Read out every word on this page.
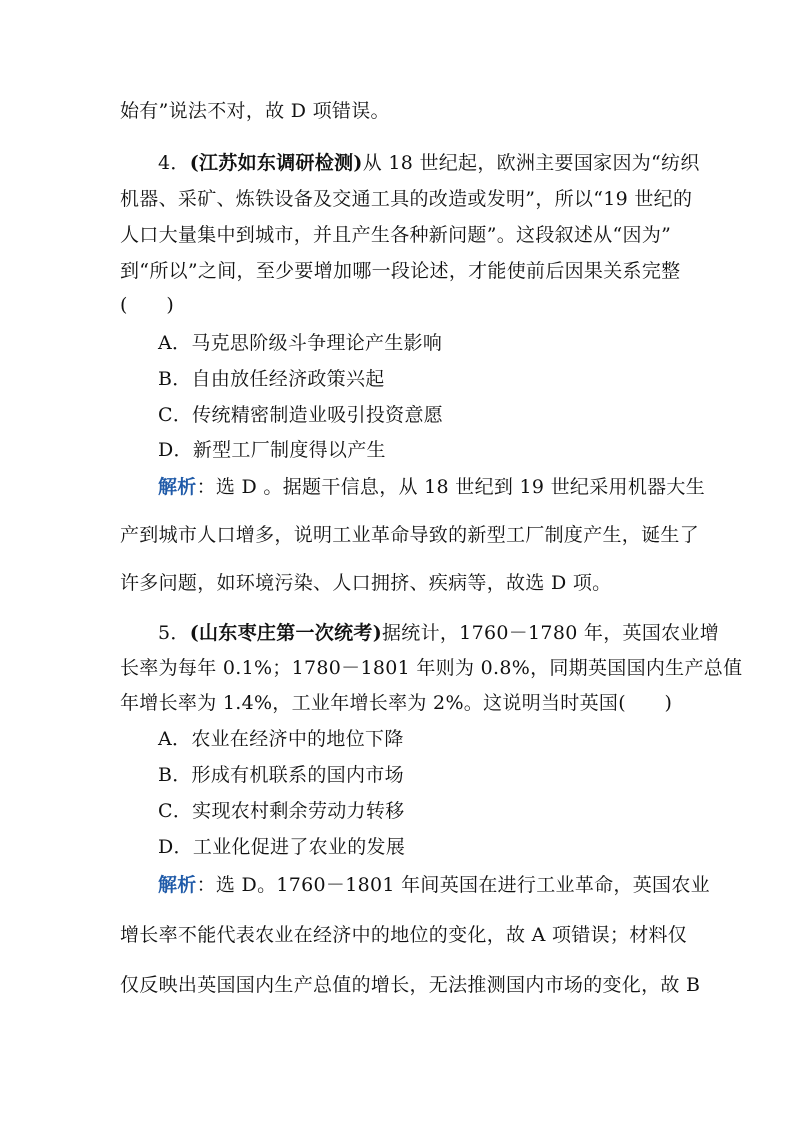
始有”说法不对，故 D 项错误。
4．(江苏如东调研检测)从 18 世纪起，欧洲主要国家因为“纺织
机器、采矿、炼铁设备及交通工具的改造或发明”，所以“19 世纪的
人口大量集中到城市，并且产生各种新问题”。这段叙述从“因为”
到“所以”之间，至少要增加哪一段论述，才能使前后因果关系完整
(　　)
A．马克思阶级斗争理论产生影响
B．自由放任经济政策兴起
C．传统精密制造业吸引投资意愿
D．新型工厂制度得以产生
解析：选 D 。据题干信息，从 18 世纪到 19 世纪采用机器大生
产到城市人口增多，说明工业革命导致的新型工厂制度产生，诞生了
许多问题，如环境污染、人口拥挤、疾病等，故选 D 项。
5．(山东枣庄第一次统考)据统计，1760－1780 年，英国农业增
长率为每年 0.1%；1780－1801 年则为 0.8%，同期英国国内生产总值
年增长率为 1.4%，工业年增长率为 2%。这说明当时英国(　　)
A．农业在经济中的地位下降
B．形成有机联系的国内市场
C．实现农村剩余劳动力转移
D．工业化促进了农业的发展
解析：选 D。1760－1801 年间英国在进行工业革命，英国农业
增长率不能代表农业在经济中的地位的变化，故 A 项错误；材料仅
仅反映出英国国内生产总值的增长，无法推测国内市场的变化，故 B
